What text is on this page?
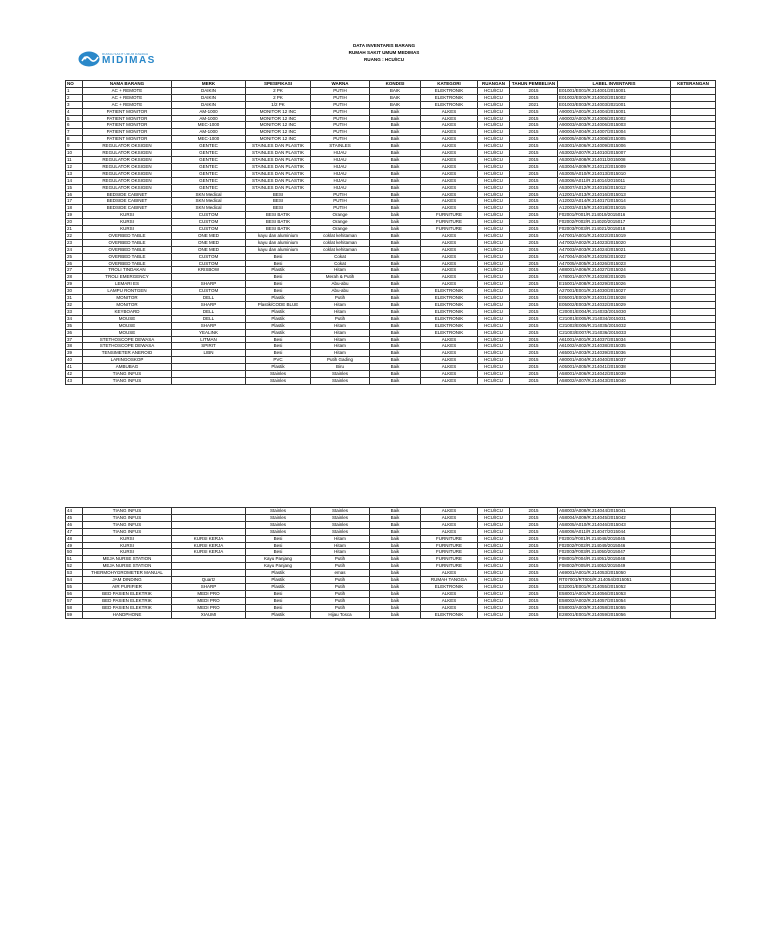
RUMAH SAKIT UMUM DAERAH
MIDIMAS
DATA INVENTARIS BARANG
RUMAH SAKIT UMUM MEDIMAS
RUANG : HCU/ICU
NO	NAMA BARANG	MERK	SPESIFIKASI	WARNA	KONDISI	KATEGORI	RUANGAN	TAHUN PEMBELIAN	LABEL INVENTARIS	KETERANGAN
1	AC + REMOTE	DAIKIN	2 PK	PUTIH	BAIK	ELEKTRONIK	HCU/ICU	2015	E01001/E001/R.214001/2015001	
2	AC + REMOTE	DAIKIN	2 PK	PUTIH	BAIK	ELEKTRONIK	HCU/ICU	2015	E01002/E002/R.214002/2015002	
3	AC + REMOTE	DAIKIN	1/2 PK	PUTIH	BAIK	ELEKTRONIK	HCU/ICU	2021	E01003/E003/R.214003/2021001	
4	PATIENT MONITOR	AM-1000	MONITOR 12 INC	PUTIH	Baik	ALKES	HCU/ICU	2015	A90001/A001/R.214004/2015001	
5	PATIENT MONITOR	AM-1000	MONITOR 12 INC	PUTIH	Baik	ALKES	HCU/ICU	2015	A90002/A002/R.214005/2015002	
6	PATIENT MONITOR	MEC-1000	MONITOR 12 INC	PUTIH	Baik	ALKES	HCU/ICU	2015	A90003/A003/R.214006/2015003	
7	PATIENT MONITOR	AM-1000	MONITOR 12 INC	PUTIH	Baik	ALKES	HCU/ICU	2015	A90004/A004/R.214007/2015004	
8	PATIENT MONITOR	MEC-1000	MONITOR 12 INC	PUTIH	Baik	ALKES	HCU/ICU	2015	A90005/A005/R.214008/2015005	
9	REGULATOR OKSIGEN	GENTEC	STAINLES DAN PLASTIK	STAINLES	Baik	ALKES	HCU/ICU	2015	A53001/A006/R.214009/2015006	
10	REGULATOR OKSIGEN	GENTEC	STAINLES DAN PLASTIK	HIJAU	Baik	ALKES	HCU/ICU	2015	A53002/A007/R.214010/2015007	
11	REGULATOR OKSIGEN	GENTEC	STAINLES DAN PLASTIK	HIJAU	Baik	ALKES	HCU/ICU	2015	A53003/A008/R.214011/2015008	
12	REGULATOR OKSIGEN	GENTEC	STAINLES DAN PLASTIK	HIJAU	Baik	ALKES	HCU/ICU	2015	A53004/A009/R.214012/2015009	
13	REGULATOR OKSIGEN	GENTEC	STAINLES DAN PLASTIK	HIJAU	Baik	ALKES	HCU/ICU	2015	A53005/A010/R.214013/2015010	
14	REGULATOR OKSIGEN	GENTEC	STAINLES DAN PLASTIK	HIJAU	Baik	ALKES	HCU/ICU	2015	A53006/A011/R.214014/2015011	
15	REGULATOR OKSIGEN	GENTEC	STAINLES DAN PLASTIK	HIJAU	Baik	ALKES	HCU/ICU	2015	A53007/A012/R.214015/2015012	
16	BEDSIDE CABINET	SKN Medical	BESI	PUTIH	Baik	ALKES	HCU/ICU	2015	A12001/A013/R.214016/2015013	
17	BEDSIDE CABINET	SKN Medical	BESI	PUTIH	Baik	ALKES	HCU/ICU	2015	A12002/A014/R.214017/2015014	
18	BEDSIDE CABINET	SKN Medical	BESI	PUTIH	Baik	ALKES	HCU/ICU	2015	A12003/A015/R.214018/2015015	
19	KURSI	CUSTOM	BESI BATIK	Orange	baik	FURNITURE	HCU/ICU	2015	F02001/F001/R.214019/2015016	
20	KURSI	CUSTOM	BESI BATIK	Orange	baik	FURNITURE	HCU/ICU	2015	F02002/F002/R.214020/2015017	
21	KURSI	CUSTOM	BESI BATIK	Orange	baik	FURNITURE	HCU/ICU	2015	F02003/F003/R.214021/2015018	
22	OVERBED TABLE	ONE MED	kayu dan aluminium	coklat kehitaman	Baik	ALKES	HCU/ICU	2015	A47001/A001/R.214022/2015019	
23	OVERBED TABLE	ONE MED	kayu dan aluminium	coklat kehitaman	Baik	ALKES	HCU/ICU	2015	A47002/A002/R.214023/2015020	
24	OVERBED TABLE	ONE MED	kayu dan aluminium	coklat kehitaman	Baik	ALKES	HCU/ICU	2015	A47003/A003/R.214024/2015021	
25	OVERBED TABLE	CUSTOM	Besi	Cokat	Baik	ALKES	HCU/ICU	2015	A47004/A004/R.214025/2015022	
26	OVERBED TABLE	CUSTOM	Besi	Cokat	Baik	ALKES	HCU/ICU	2015	A47005/A005/R.214026/2015023	
27	TROLI TINDAKAN	KRISBOW	Plastik	Hitam	Baik	ALKES	HCU/ICU	2015	A88001/A006/R.214027/2015024	
28	TROLI EMERGENCY		Besi	Merah & Putih	Baik	ALKES	HCU/ICU	2015	A78001/A007/R.214028/2015025	
29	LEMARI ES	SHARP	Besi	Abu-abu	Baik	ALKES	HCU/ICU	2015	E15001/A008/R.214029/2015026	
30	LAMPU RONTGEN	CUSTOM	Besi	Abu-abu	Baik	ELEKTRONIK	HCU/ICU	2015	A27001/E001/R.214030/2015027	
31	MONITOR	DELL	Plastik	Putih	Baik	ELEKTRONIK	HCU/ICU	2015	E05001/E002/R.214031/2015028	
32	MONITOR	SHARP	Plastik/CODE BLUE	Hitam	Baik	ELEKTRONIK	HCU/ICU	2015	E05002/E003/R.214032/2015029	
33	KEYBOARD	DELL	Plastik	Hitam	Baik	ELEKTRONIK	HCU/ICU	2015	C20001/E004/R.214033/2015030	
34	MOUSE	DELL	Plastik	Putih	Baik	ELEKTRONIK	HCU/ICU	2015	C21001/E005/R.214034/2015031	
35	MOUSE	SHARP	Plastik	Hitam	Baik	ELEKTRONIK	HCU/ICU	2015	C21002/E006/R.214035/2015032	
36	MOUSE	YEALINK	Plastik	Hitam	Baik	ELEKTRONIK	HCU/ICU	2015	C21003/E007/R.214036/2015033	
37	STETHOSCOPE DEWASA	LITMAN	Besi	Hitam	Baik	ALKES	HCU/ICU	2015	A61001/A001/R.214037/2015034	
38	STETHOSCOPE DEWASA	SPIRIT	Besi	Hitam	Baik	ALKES	HCU/ICU	2015	A61002/A002/R.214038/2015035	
39	TENSIMETER ANEROID	LIBN	Besi	Hitam	Baik	ALKES	HCU/ICU	2015	A65001/A003/R.214039/2015036	
40	LARINGOSKOP		PVC	Putih Gading	Baik	ALKES	HCU/ICU	2015	A80001/A004/R.214040/2015037	
41	AMBUBAG		Plastik	Biru	Baik	ALKES	HCU/ICU	2015	A05001/A005/R.214041/2015038	
42	TIANG INFUS		Stainles	Stainles	Baik	ALKES	HCU/ICU	2015	A58001/A006/R.214042/2015039	
43	TIANG INFUS		Stainles	Stainles	Baik	ALKES	HCU/ICU	2015	A58002/A007/R.214043/2015040	
44	TIANG INFUS		Stainles	Stainles	Baik	ALKES	HCU/ICU	2015	A58003/A008/R.214044/2015041	
45	TIANG INFUS		Stainles	Stainles	Baik	ALKES	HCU/ICU	2015	A58004/A009/R.214045/2015042	
46	TIANG INFUS		Stainles	Stainles	Baik	ALKES	HCU/ICU	2015	A58005/A010/R.214046/2015043	
47	TIANG INFUS		Stainles	Stainles	Baik	ALKES	HCU/ICU	2015	A58006/A011/R.214047/2015044	
48	KURSI	KURSI KERJA	Besi	Hitam	baik	FURNITURE	HCU/ICU	2015	F02001/F001/R.214048/2015045	
49	KURSI	KURSI KERJA	Besi	Hitam	baik	FURNITURE	HCU/ICU	2015	F02002/F002/R.214049/2015046	
50	KURSI	KURSI KERJA	Besi	Hitam	baik	FURNITURE	HCU/ICU	2015	F02003/F003/R.214050/2015047	
51	MEJA NURSE STATION		Kayu Panjang	Putih	baik	FURNITURE	HCU/ICU	2015	F08001/F004/R.214051/2015048	
52	MEJA NURSE STATION		Kayu Panjang	Putih	baik	FURNITURE	HCU/ICU	2015	F08002/F005/R.214052/2015049	
53	THERMOHYGROMETER MANUAL		Plastik	emas	baik	ALKES	HCU/ICU	2015	A69001/A001/R.214053/2015050	
54	JAM DINDING	Quartz	Plastik	Putih	baik	RUMAH TANGGA	HCU/ICU	2015	RT07001/RT001/R.214054/2015051	
55	AIR PURIFIER	SHARP	Plastik	Putih	baik	ELEKTRONIK	HCU/ICU	2015	E32001/E001/R.214055/2015052	
56	BED PASIEN ELEKTRIK	MEDI PRO	Besi	Putih	baik	ALKES	HCU/ICU	2015	E58001/A001/R.214056/2015053	
57	BED PASIEN ELEKTRIK	MEDI PRO	Besi	Putih	baik	ALKES	HCU/ICU	2015	E58002/A002/R.214057/2015054	
58	BED PASIEN ELEKTRIK	MEDI PRO	Besi	Putih	baik	ALKES	HCU/ICU	2015	E58003/A003/R.214058/2015055	
59	HANDPHONE	XIAUMI	Plastik	Hijau Tosca	baik	ELEKTRONIK	HCU/ICU	2015	E28001/E001/R.214059/2015056	
